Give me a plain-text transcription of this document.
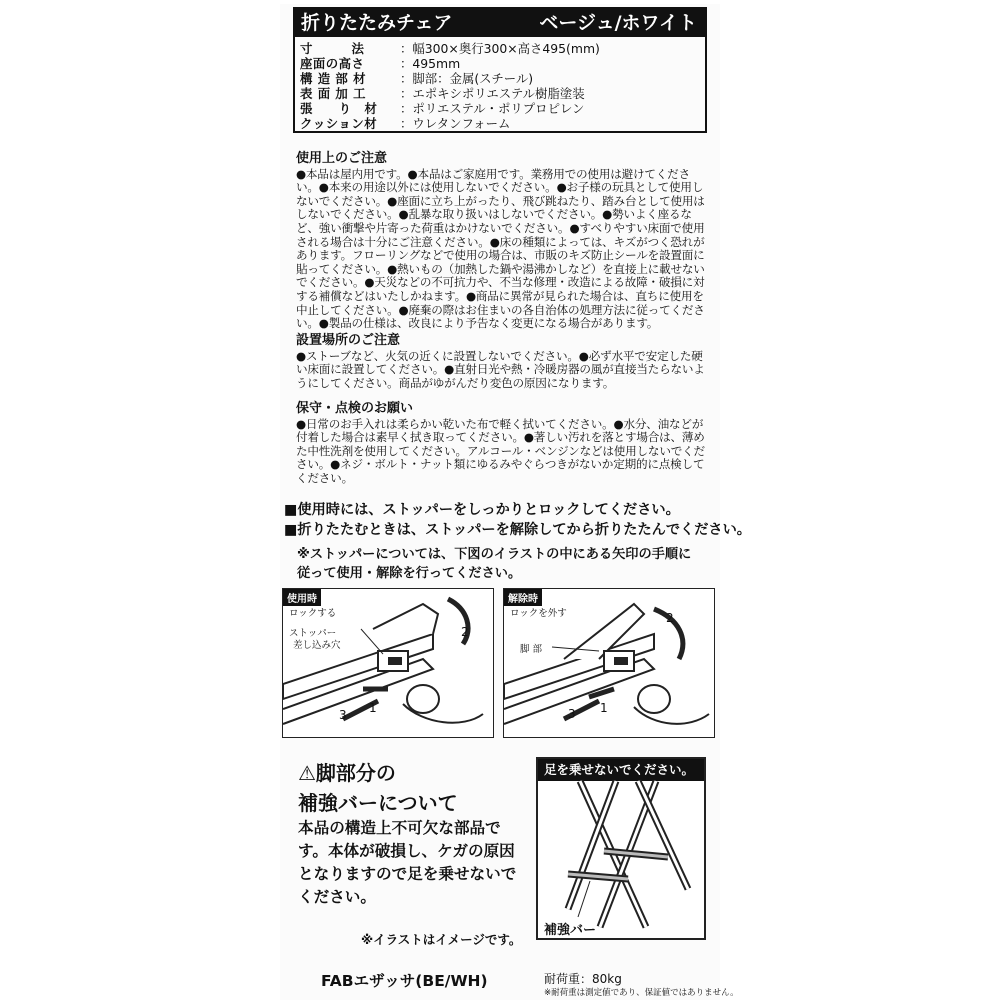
折りたたみチェア	ベージュ/ホワイト
寸　　　法	：幅300×奥行300×高さ495(mm)
座面の高さ	：495mm
構 造 部 材	：脚部：金属(スチール)
表 面 加 工	：エポキシポリエステル樹脂塗装
張　　り　材	：ポリエステル・ポリプロピレン
クッション材	：ウレタンフォーム
使用上のご注意

●本品は屋内用です。●本品はご家庭用です。業務用での使用は避けてください。●本来の用途以外には使用しないでください。●お子様の玩具として使用しないでください。●座面に立ち上がったり、飛び跳ねたり、踏み台として使用はしないでください。●乱暴な取り扱いはしないでください。●勢いよく座るなど、強い衝撃や片寄った荷重はかけないでください。●すべりやすい床面で使用される場合は十分にご注意ください。●床の種類によっては、キズがつく恐れがあります。フローリングなどで使用の場合は、市販のキズ防止シールを設置面に貼ってください。●熱いもの（加熱した鍋や湯沸かしなど）を直接上に載せないでください。●天災などの不可抗力や、不当な修理・改造による故障・破損に対する補償などはいたしかねます。●商品に異常が見られた場合は、直ちに使用を中止してください。●廃棄の際はお住まいの各自治体の処理方法に従ってください。●製品の仕様は、改良により予告なく変更になる場合があります。

設置場所のご注意

●ストーブなど、火気の近くに設置しないでください。●必ず水平で安定した硬い床面に設置してください。●直射日光や熱・冷暖房器の風が直接当たらないようにしてください。商品がゆがんだり変色の原因になります。

保守・点検のお願い

●日常のお手入れは柔らかい乾いた布で軽く拭いてください。●水分、油などが付着した場合は素早く拭き取ってください。●著しい汚れを落とす場合は、薄めた中性洗剤を使用してください。アルコール・ベンジンなどは使用しないでください。●ネジ・ボルト・ナット類にゆるみやぐらつきがないか定期的に点検してください。

■使用時には、ストッパーをしっかりとロックしてください。
■折りたたむときは、ストッパーを解除してから折りたたんでください。
※ストッパーについては、下図のイラストの中にある矢印の手順に従って使用・解除を行ってください。
使用時
ロックする
ストッパー
差し込み穴
2
1
3
解除時
ロックを外す
脚 部
2
1
3
⚠脚部分の
補強バーについて
本品の構造上不可欠な部品です。本体が破損し、ケガの原因となりますので足を乗せないでください。
足を乗せないでください。
補強バー
※イラストはイメージです。
FABエザッサ(BE/WH)	耐荷重：80kg
※耐荷重は測定値であり、保証値ではありません。
